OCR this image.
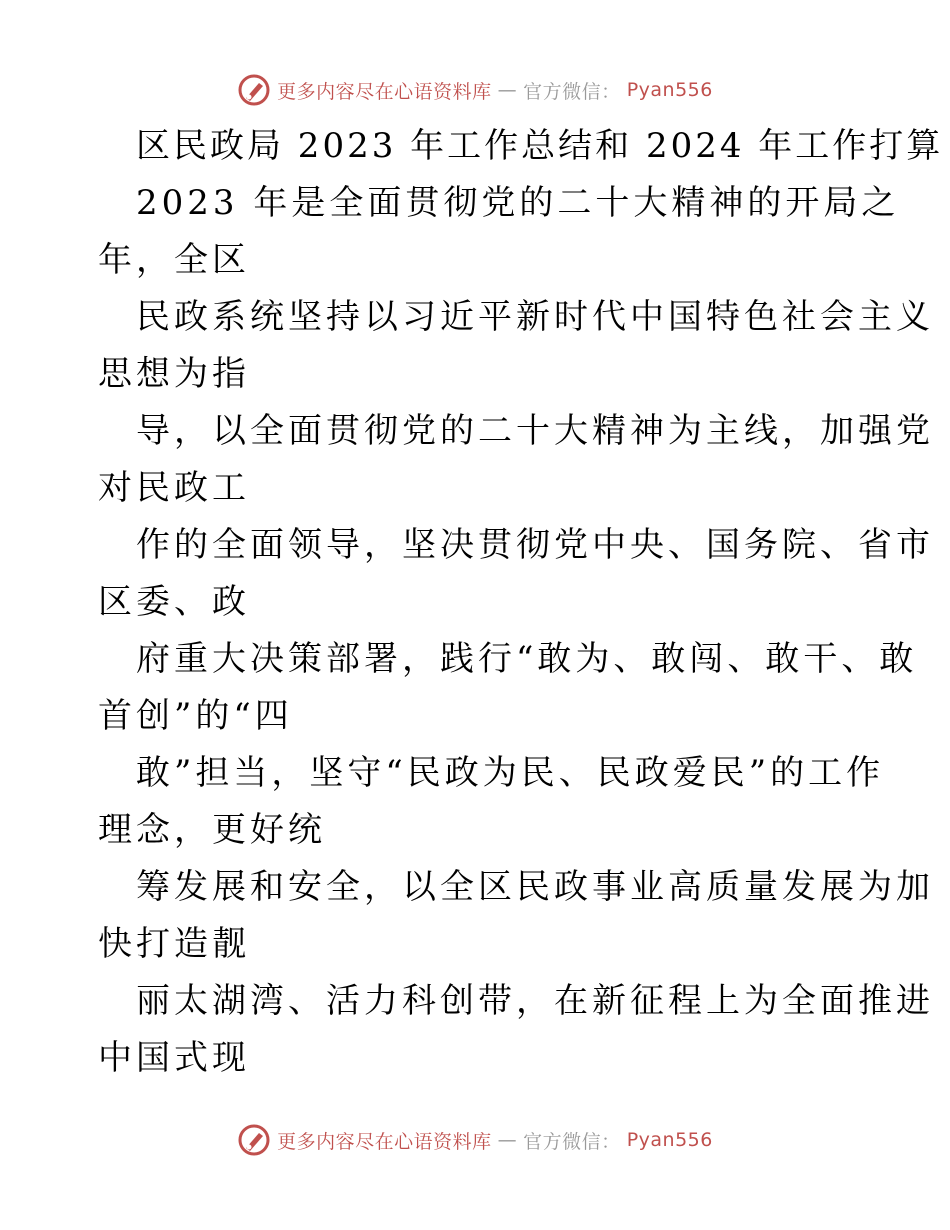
更多内容尽在心语资料库 — 官方微信： Pyan556
区民政局 2023 年工作总结和 2024 年工作打算
2023 年是全面贯彻党的二十大精神的开局之
年，全区
民政系统坚持以习近平新时代中国特色社会主义
思想为指
导，以全面贯彻党的二十大精神为主线，加强党
对民政工
作的全面领导，坚决贯彻党中央、国务院、省市
区委、政
府重大决策部署，践行“敢为、敢闯、敢干、敢
首创”的“四
敢”担当，坚守“民政为民、民政爱民”的工作
理念，更好统
筹发展和安全，以全区民政事业高质量发展为加
快打造靓
丽太湖湾、活力科创带，在新征程上为全面推进
中国式现
更多内容尽在心语资料库 — 官方微信： Pyan556
